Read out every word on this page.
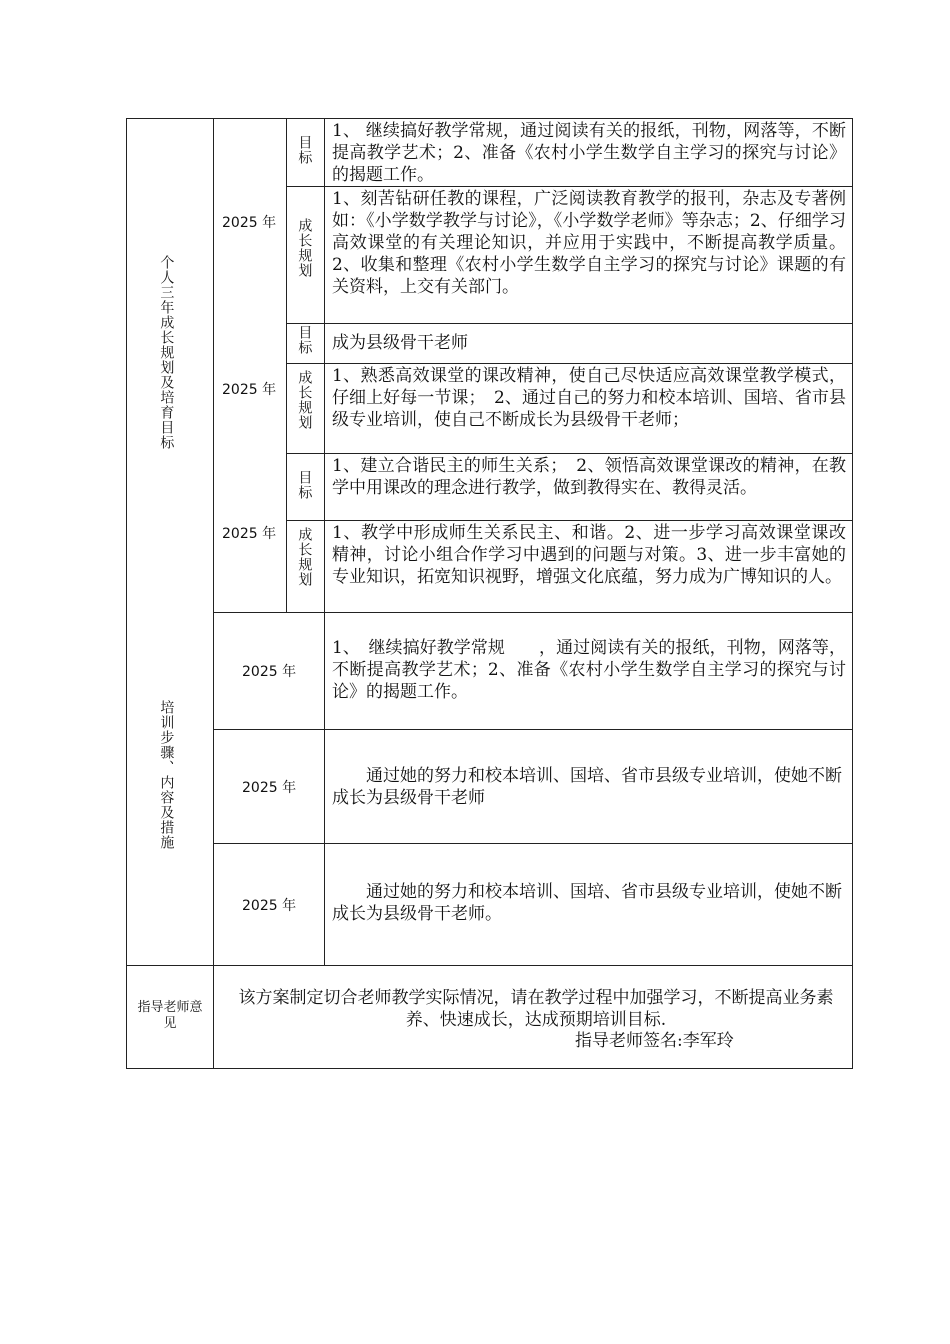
个人三年成长规划及培育目标
2025 年
2025 年
2025 年
目标
成长规划
目标
成长规划
目标
成长规划
1、 继续搞好教学常规，通过阅读有关的报纸，刊物，网落等，不断提高教学艺术；2、准备《农村小学生数学自主学习的探究与讨论》的揭题工作。
1、刻苦钻研任教的课程，广泛阅读教育教学的报刊，杂志及专著例如：《小学数学教学与讨论》，《小学数学老师》等杂志；2、仔细学习高效课堂的有关理论知识，并应用于实践中，不断提高教学质量。2、收集和整理《农村小学生数学自主学习的探究与讨论》课题的有关资料，上交有关部门。
成为县级骨干老师
1、熟悉高效课堂的课改精神，使自己尽快适应高效课堂教学模式，仔细上好每一节课；　2、通过自己的努力和校本培训、国培、省市县级专业培训，使自己不断成长为县级骨干老师；
1、建立合谐民主的师生关系；　2、领悟高效课堂课改的精神，在教学中用课改的理念进行教学，做到教得实在、教得灵活。
1、教学中形成师生关系民主、和谐。2、进一步学习高效课堂课改精神，讨论小组合作学习中遇到的问题与对策。3、进一步丰富她的专业知识，拓宽知识视野，增强文化底蕴，努力成为广博知识的人。
培训步骤、内容及措施
2025 年
1、　继续搞好教学常规　　，通过阅读有关的报纸，刊物，网落等，不断提高教学艺术；2、准备《农村小学生数学自主学习的探究与讨论》的揭题工作。
2025 年
　　通过她的努力和校本培训、国培、省市县级专业培训，使她不断成长为县级骨干老师
2025 年
　　通过她的努力和校本培训、国培、省市县级专业培训，使她不断成长为县级骨干老师。
指导老师意见
该方案制定切合老师教学实际情况，请在教学过程中加强学习，不断提高业务素养、快速成长，达成预期培训目标.
指导老师签名:李军玲
